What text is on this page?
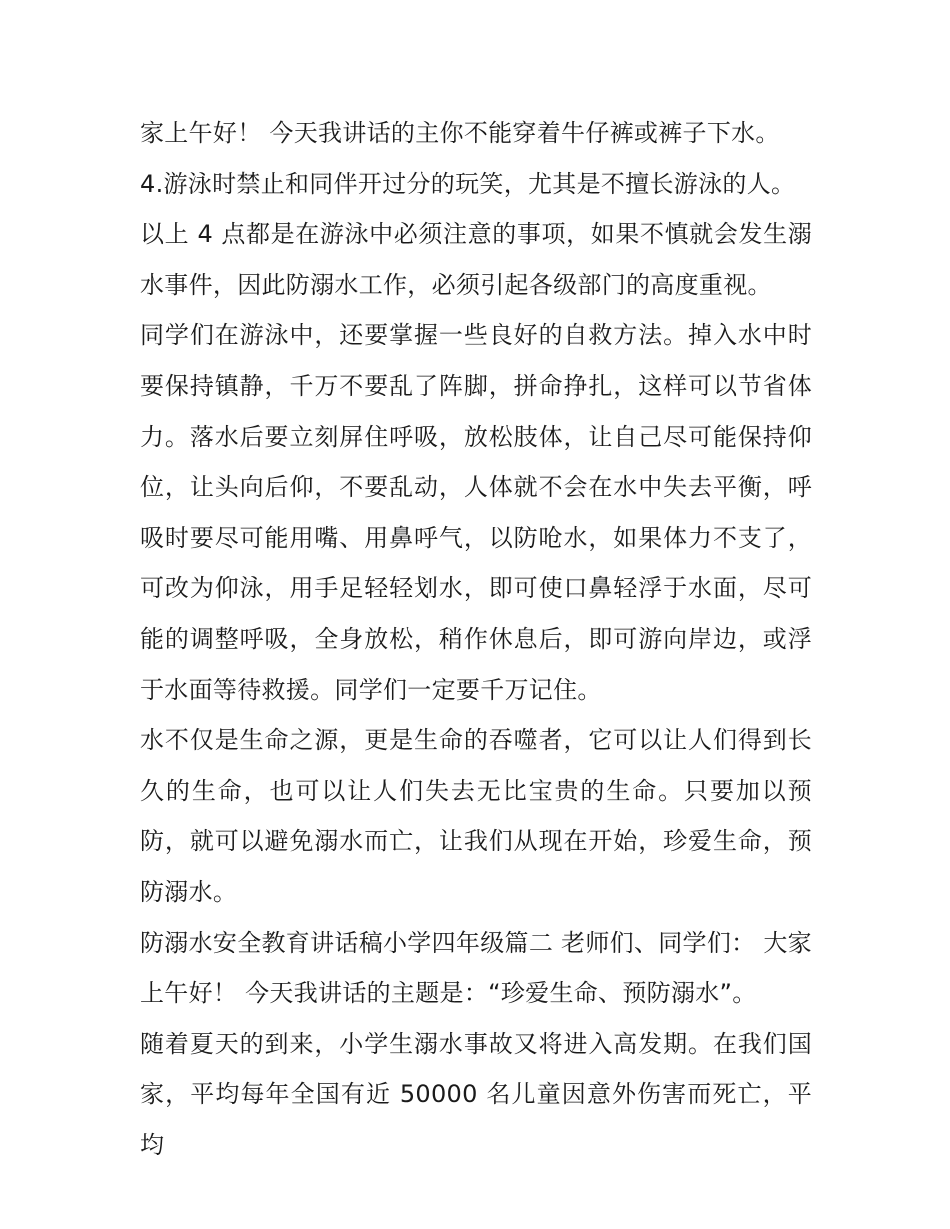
家上午好！ 今天我讲话的主你不能穿着牛仔裤或裤子下水。

4.游泳时禁止和同伴开过分的玩笑，尤其是不擅长游泳的人。

以上 4 点都是在游泳中必须注意的事项，如果不慎就会发生溺水事件，因此防溺水工作，必须引起各级部门的高度重视。

同学们在游泳中，还要掌握一些良好的自救方法。掉入水中时要保持镇静，千万不要乱了阵脚，拼命挣扎，这样可以节省体力。落水后要立刻屏住呼吸，放松肢体，让自己尽可能保持仰位，让头向后仰，不要乱动，人体就不会在水中失去平衡，呼吸时要尽可能用嘴、用鼻呼气，以防呛水，如果体力不支了，可改为仰泳，用手足轻轻划水，即可使口鼻轻浮于水面，尽可能的调整呼吸，全身放松，稍作休息后，即可游向岸边，或浮于水面等待救援。同学们一定要千万记住。

水不仅是生命之源，更是生命的吞噬者，它可以让人们得到长久的生命，也可以让人们失去无比宝贵的生命。只要加以预防，就可以避免溺水而亡，让我们从现在开始，珍爱生命，预防溺水。

防溺水安全教育讲话稿小学四年级篇二 老师们、同学们： 大家上午好！ 今天我讲话的主题是：“珍爱生命、预防溺水”。

随着夏天的到来，小学生溺水事故又将进入高发期。在我们国家，平均每年全国有近 50000 名儿童因意外伤害而死亡，平均
